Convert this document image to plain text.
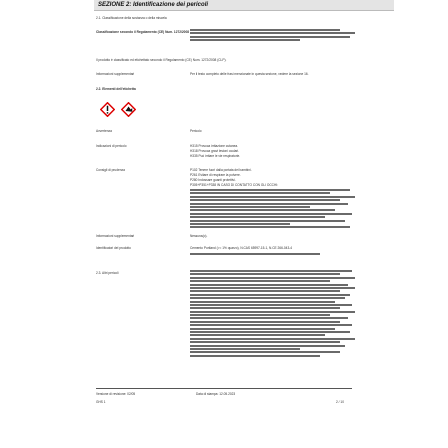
SEZIONE 2: Identificazione dei pericoli
2.1. Classificazione della sostanza o della miscela
Classificazione secondo il Regolamento (CE) Num. 1272/2008
Il prodotto è classificato ed etichettato secondo il Regolamento (CE) Num. 1272/2008 (CLP).
Informazioni supplementari	Per il testo completo delle frasi menzionate in questa sezione, vedere la sezione 16.
2.2. Elementi dell'etichetta
Avvertenza	Pericolo
Indicazioni di pericolo	H315 Provoca irritazione cutanea.
H318 Provoca gravi lesioni oculari.
H335 Può irritare le vie respiratorie.
Consigli di prudenza	P102 Tenere fuori dalla portata dei bambini.
P261 Evitare di respirare la polvere.
P280 Indossare guanti protettivi.
P305+P351+P338 IN CASO DI CONTATTO CON GLI OCCHI:
Informazioni supplementari	Nessuna(o).
Identificatori del prodotto	Cemento Portland (>= 1% quarzo), N.CAS 65997-15-1, N.CE 266-043-4
2.3. Altri pericoli
Versione di revisione: 02/05	Data di stampa: 12.05.2023
GHS 1	2 / 10
